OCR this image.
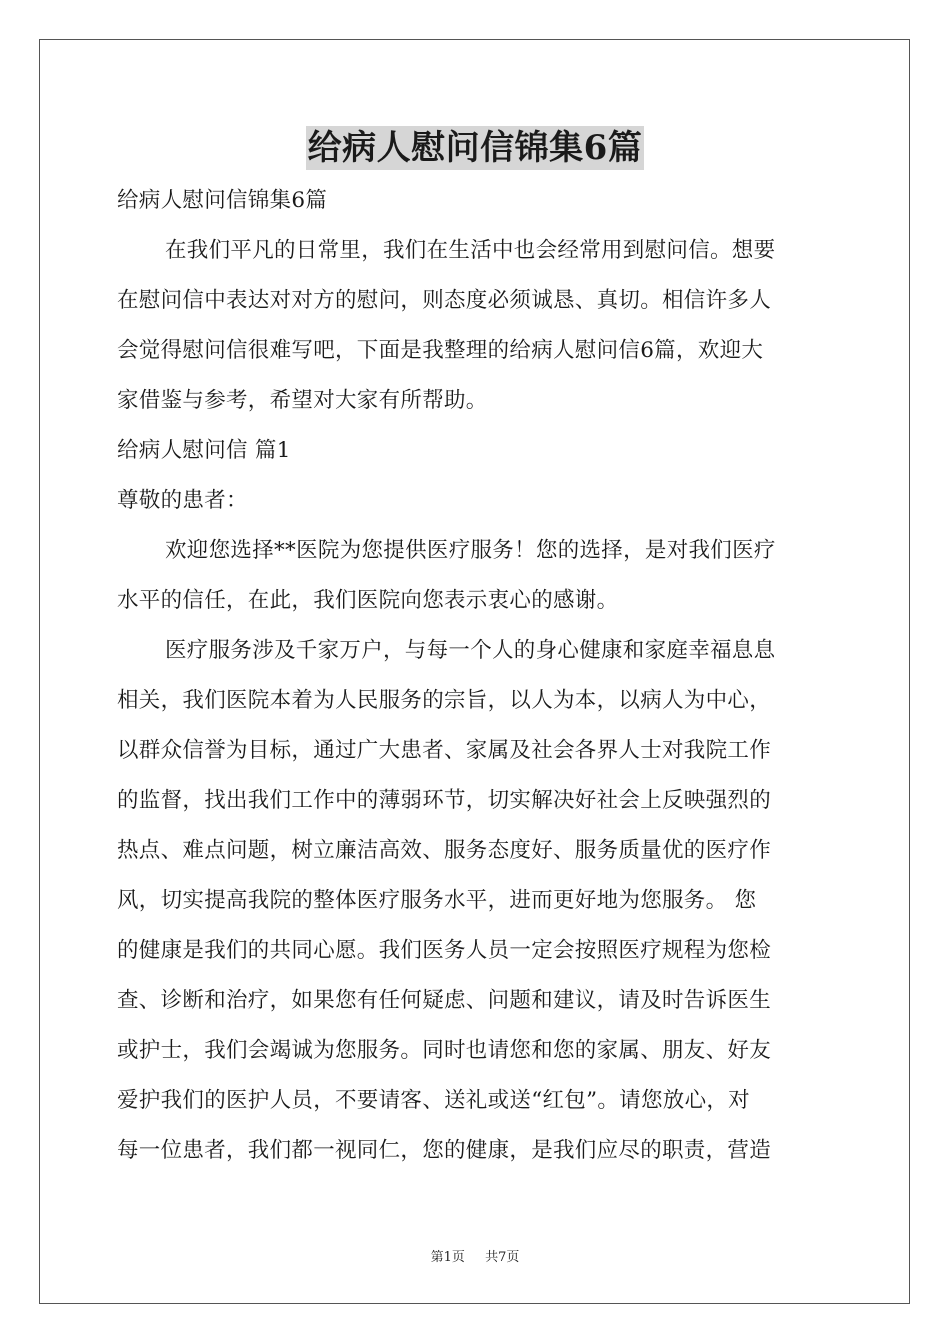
给病人慰问信锦集6篇
给病人慰问信锦集6篇
在我们平凡的日常里，我们在生活中也会经常用到慰问信。想要
在慰问信中表达对对方的慰问，则态度必须诚恳、真切。相信许多人
会觉得慰问信很难写吧，下面是我整理的给病人慰问信6篇，欢迎大
家借鉴与参考，希望对大家有所帮助。
给病人慰问信 篇1
尊敬的患者：
欢迎您选择**医院为您提供医疗服务！您的选择，是对我们医疗
水平的信任，在此，我们医院向您表示衷心的感谢。
医疗服务涉及千家万户，与每一个人的身心健康和家庭幸福息息
相关，我们医院本着为人民服务的宗旨，以人为本，以病人为中心，
以群众信誉为目标，通过广大患者、家属及社会各界人士对我院工作
的监督，找出我们工作中的薄弱环节，切实解决好社会上反映强烈的
热点、难点问题，树立廉洁高效、服务态度好、服务质量优的医疗作
风，切实提高我院的整体医疗服务水平，进而更好地为您服务。 您
的健康是我们的共同心愿。我们医务人员一定会按照医疗规程为您检
查、诊断和治疗，如果您有任何疑虑、问题和建议，请及时告诉医生
或护士，我们会竭诚为您服务。同时也请您和您的家属、朋友、好友
爱护我们的医护人员，不要请客、送礼或送“红包”。请您放心，对
每一位患者，我们都一视同仁，您的健康，是我们应尽的职责，营造
第1页 共7页
